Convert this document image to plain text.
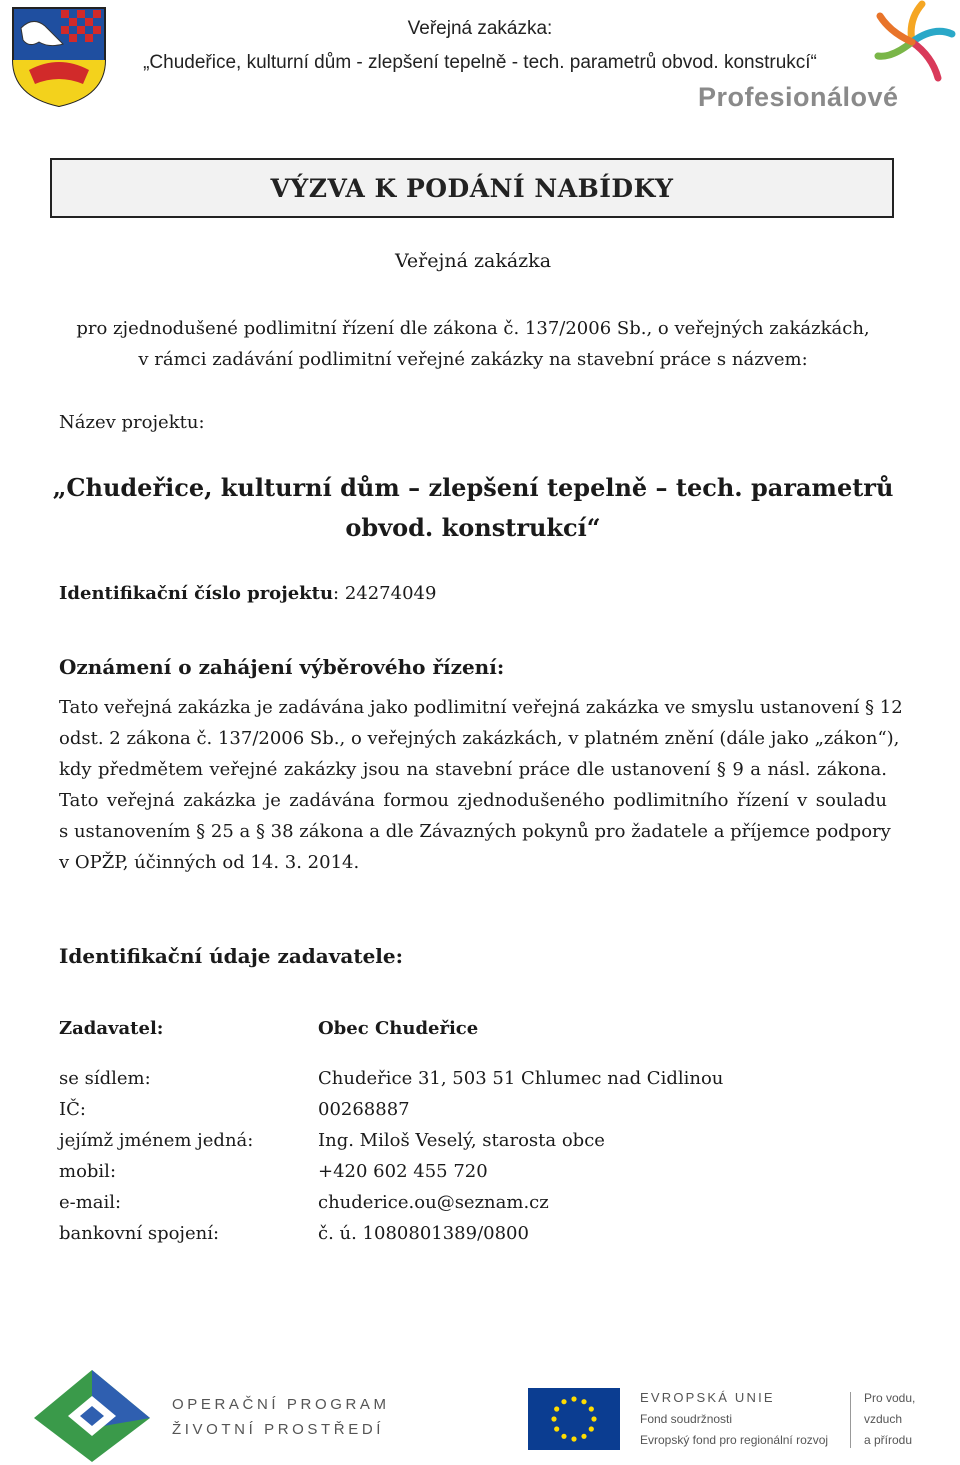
Veřejná zakázka:
„Chudeřice, kulturní dům - zlepšení tepelně - tech. parametrů obvod. konstrukcí“
Profesionálové
VÝZVA K PODÁNÍ NABÍDKY
Veřejná zakázka
pro zjednodušené podlimitní řízení dle zákona č. 137/2006 Sb., o veřejných zakázkách,
v rámci zadávání podlimitní veřejné zakázky na stavební práce s názvem:
Název projektu:
„Chudeřice, kulturní dům – zlepšení tepelně – tech. parametrů
obvod. konstrukcí“
Identifikační číslo projektu: 24274049
Oznámení o zahájení výběrového řízení:
Tato veřejná zakázka je zadávána jako podlimitní veřejná zakázka ve smyslu ustanovení § 12
odst. 2 zákona č. 137/2006 Sb., o veřejných zakázkách, v platném znění (dále jako „zákon“),
kdy předmětem veřejné zakázky jsou na stavební práce dle ustanovení § 9 a násl. zákona.
Tato veřejná zakázka je zadávána formou zjednodušeného podlimitního řízení v souladu
s ustanovením § 25 a § 38 zákona a dle Závazných pokynů pro žadatele a příjemce podpory
v OPŽP, účinných od 14. 3. 2014.
Identifikační údaje zadavatele:
Zadavatel:	Obec Chudeřice
se sídlem:	Chudeřice 31, 503 51 Chlumec nad Cidlinou
IČ:	00268887
jejímž jménem jedná:	Ing. Miloš Veselý, starosta obce
mobil:	+420 602 455 720
e-mail:	chuderice.ou@seznam.cz
bankovní spojení:	č. ú. 1080801389/0800
OPERAČNÍ PROGRAM
ŽIVOTNÍ PROSTŘEDÍ
EVROPSKÁ UNIE
Fond soudržnosti
Evropský fond pro regionální rozvoj
Pro vodu,
vzduch
a přírodu
